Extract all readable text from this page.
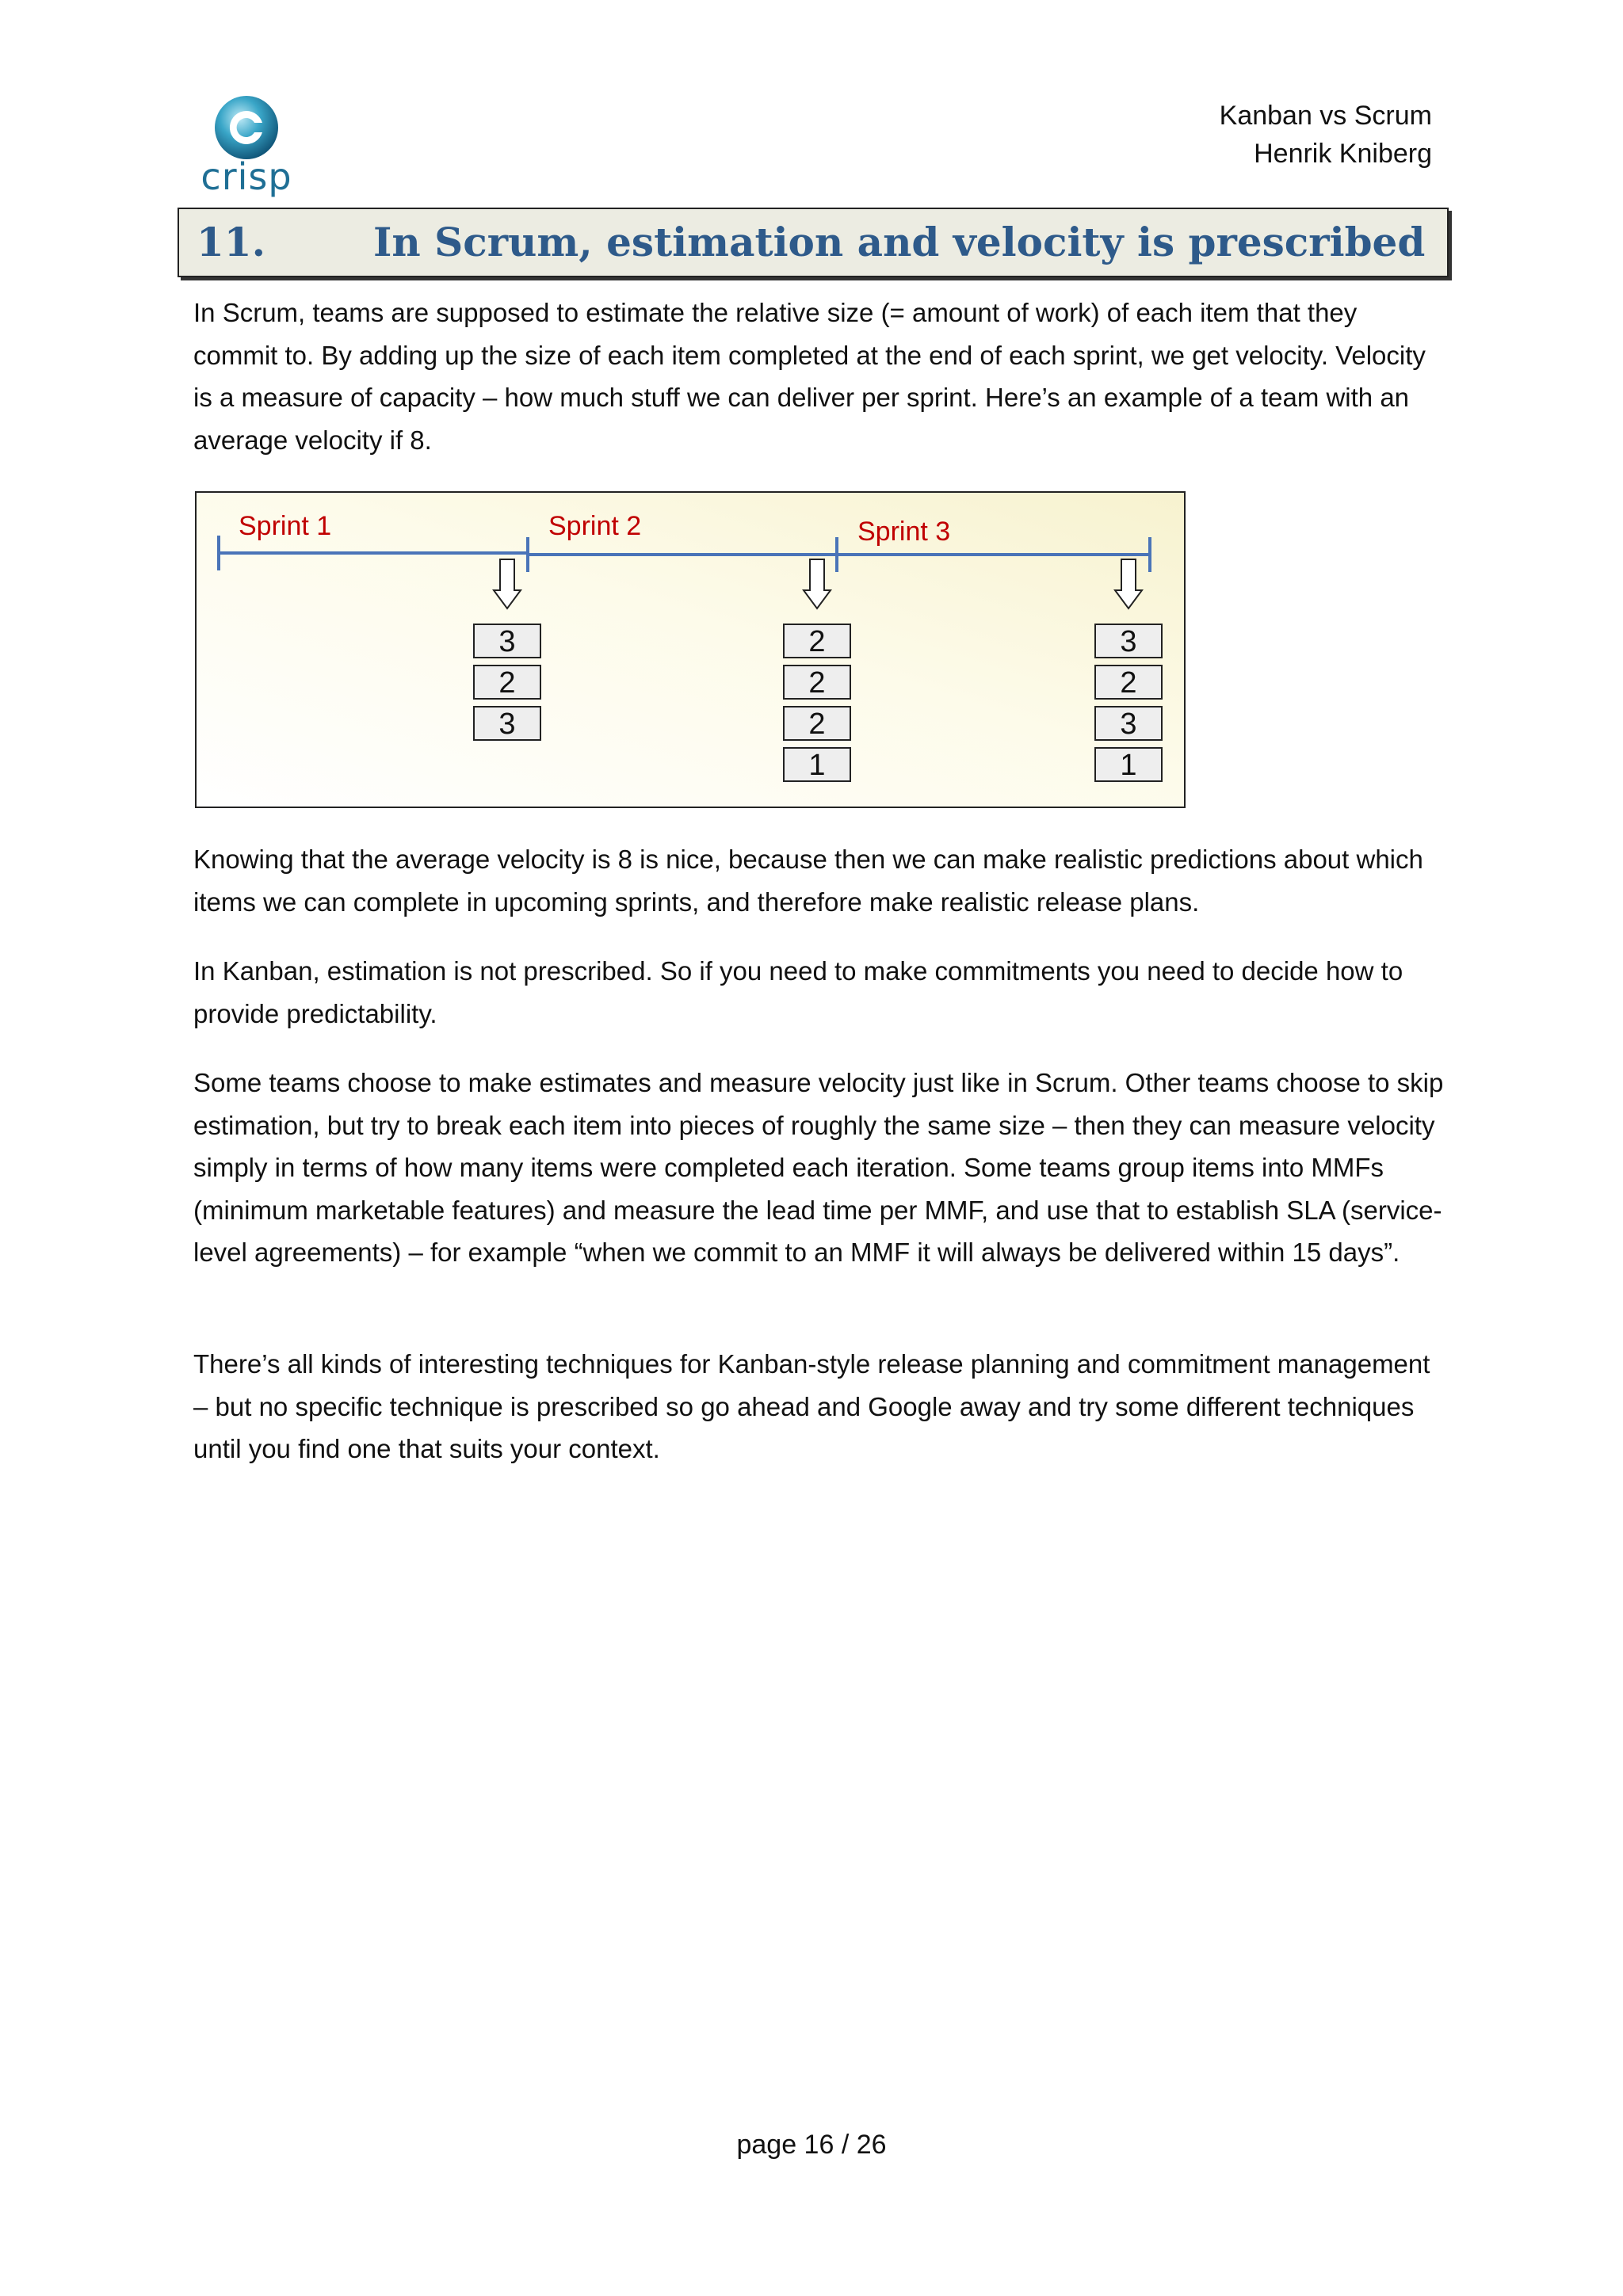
crisp
Kanban vs Scrum
Henrik Kniberg
11.	In Scrum, estimation and velocity is prescribed

In Scrum, teams are supposed to estimate the relative size (= amount of work) of each item that they commit to. By adding up the size of each item completed at the end of each sprint, we get velocity. Velocity is a measure of capacity – how much stuff we can deliver per sprint. Here’s an example of a team with an average velocity if 8.

Sprint 1
3
2
3
Sprint 2
2
2
2
1
Sprint 3
3
2
3
1

Knowing that the average velocity is 8 is nice, because then we can make realistic predictions about which items we can complete in upcoming sprints, and therefore make realistic release plans.

In Kanban, estimation is not prescribed. So if you need to make commitments you need to decide how to provide predictability.

Some teams choose to make estimates and measure velocity just like in Scrum. Other teams choose to skip estimation, but try to break each item into pieces of roughly the same size – then they can measure velocity simply in terms of how many items were completed each iteration. Some teams group items into MMFs (minimum marketable features) and measure the lead time per MMF, and use that to establish SLA (service-level agreements) – for example “when we commit to an MMF it will always be delivered within 15 days”.

There’s all kinds of interesting techniques for Kanban-style release planning and commitment management – but no specific technique is prescribed so go ahead and Google away and try some different techniques until you find one that suits your context.

page 16 / 26
